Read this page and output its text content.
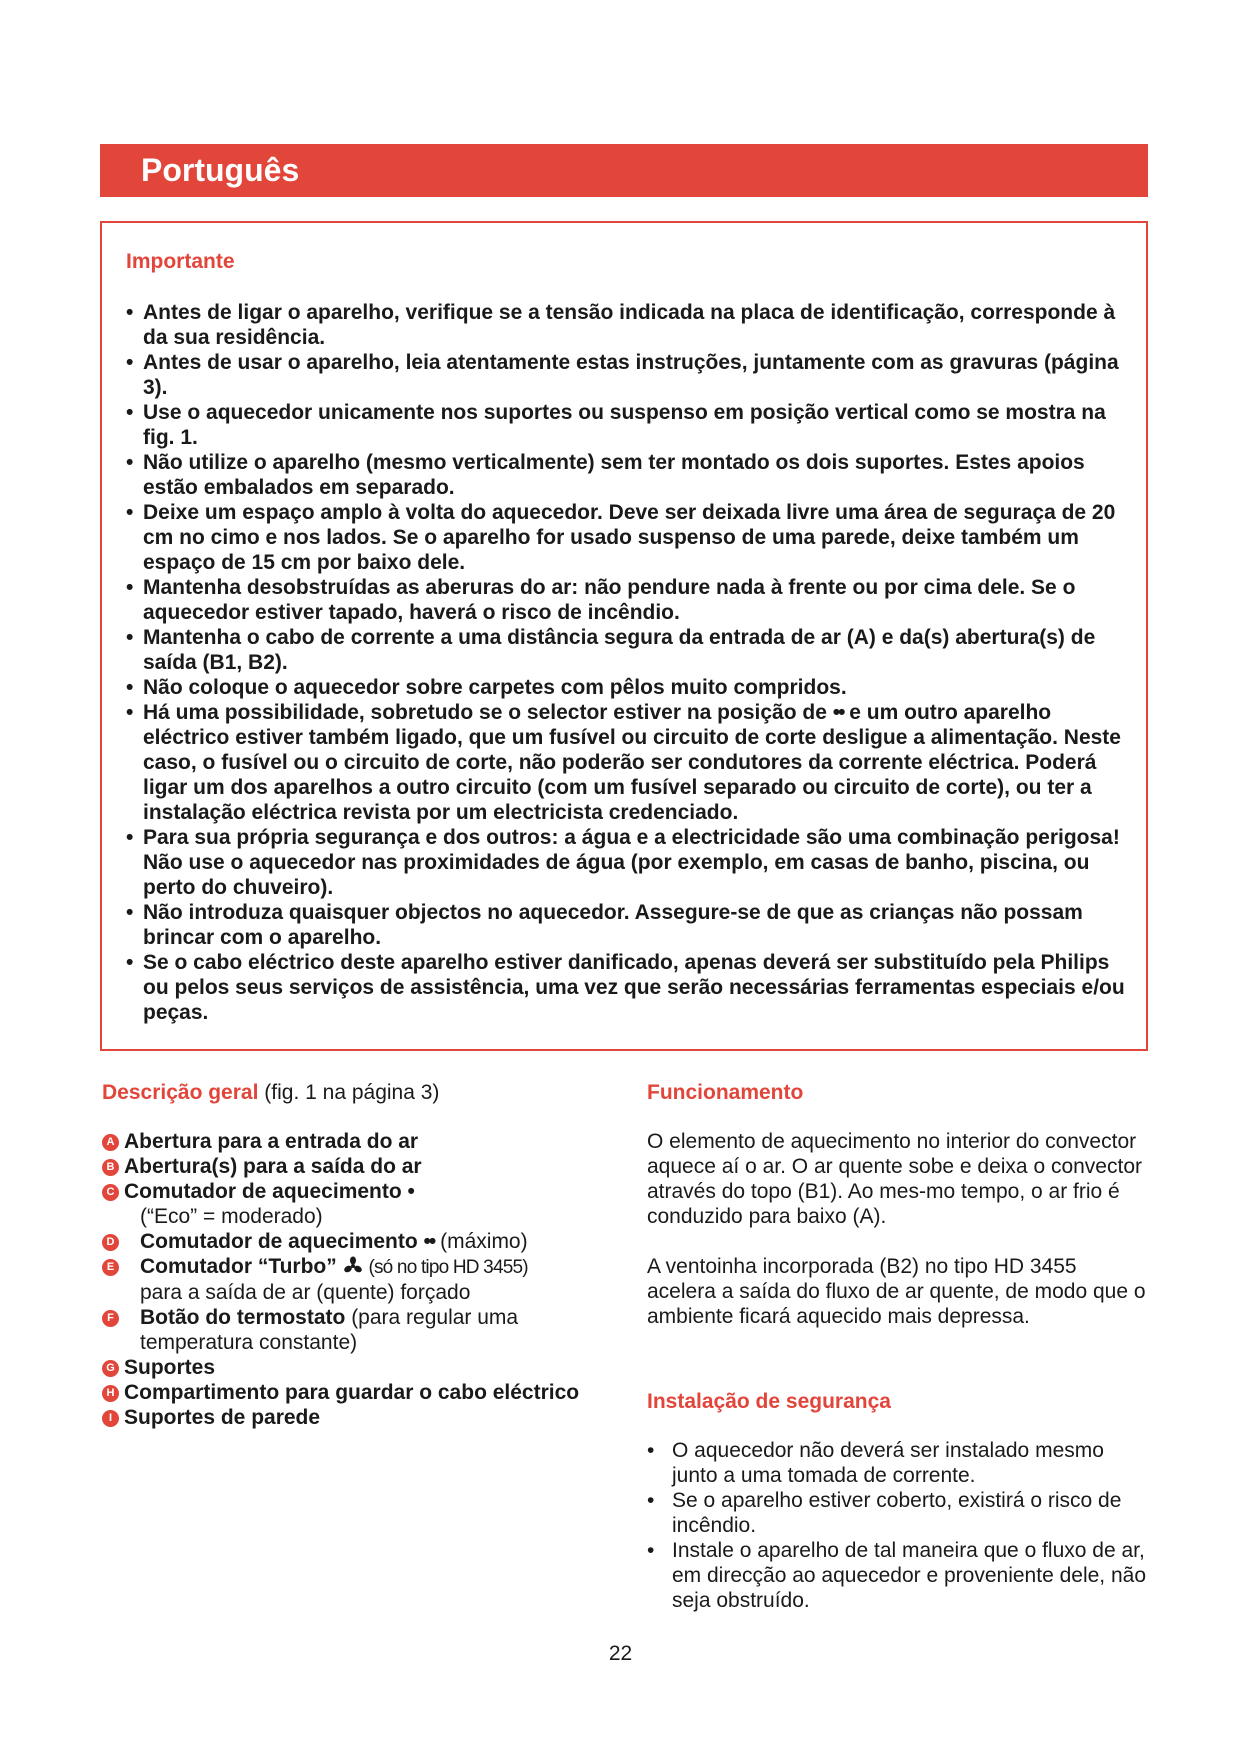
Português
Importante
• Antes de ligar o aparelho, verifique se a tensão indicada na placa de identificação, corresponde à da sua residência.
• Antes de usar o aparelho, leia atentamente estas instruções, juntamente com as gravuras (página 3).
• Use o aquecedor unicamente nos suportes ou suspenso em posição vertical como se mostra na fig. 1.
• Não utilize o aparelho (mesmo verticalmente) sem ter montado os dois suportes. Estes apoios estão embalados em separado.
• Deixe um espaço amplo à volta do aquecedor. Deve ser deixada livre uma área de seguraça de 20 cm no cimo e nos lados. Se o aparelho for usado suspenso de uma parede, deixe também um espaço de 15 cm por baixo dele.
• Mantenha desobstruídas as aberuras do ar: não pendure nada à frente ou por cima dele. Se o aquecedor estiver tapado, haverá o risco de incêndio.
• Mantenha o cabo de corrente a uma distância segura da entrada de ar (A) e da(s) abertura(s) de saída (B1, B2).
• Não coloque o aquecedor sobre carpetes com pêlos muito compridos.
• Há uma possibilidade, sobretudo se o selector estiver na posição de •• e um outro aparelho eléctrico estiver também ligado, que um fusível ou circuito de corte desligue a alimentação. Neste caso, o fusível ou o circuito de corte, não poderão ser condutores da corrente eléctrica. Poderá ligar um dos aparelhos a outro circuito (com um fusível separado ou circuito de corte), ou ter a instalação eléctrica revista por um electricista credenciado.
• Para sua própria segurança e dos outros: a água e a electricidade são uma combinação perigosa! Não use o aquecedor nas proximidades de água (por exemplo, em casas de banho, piscina, ou perto do chuveiro).
• Não introduza quaisquer objectos no aquecedor. Assegure-se de que as crianças não possam brincar com o aparelho.
• Se o cabo eléctrico deste aparelho estiver danificado, apenas deverá ser substituído pela Philips ou pelos seus serviços de assistência, uma vez que serão necessárias ferramentas especiais e/ou peças.
Descrição geral (fig. 1 na página 3)
A Abertura para a entrada do ar
B Abertura(s) para a saída do ar
C Comutador de aquecimento •
(“Eco” = moderado)
D Comutador de aquecimento •• (máximo)
E Comutador “Turbo” (só no tipo HD 3455)
para a saída de ar (quente) forçado
F Botão do termostato (para regular uma temperatura constante)
G Suportes
H Compartimento para guardar o cabo eléctrico
I Suportes de parede
Funcionamento

O elemento de aquecimento no interior do convector aquece aí o ar. O ar quente sobe e deixa o convector através do topo (B1). Ao mes-mo tempo, o ar frio é conduzido para baixo (A).

A ventoinha incorporada (B2) no tipo HD 3455 acelera a saída do fluxo de ar quente, de modo que o ambiente ficará aquecido mais depressa.

Instalação de segurança
• O aquecedor não deverá ser instalado mesmo junto a uma tomada de corrente.
• Se o aparelho estiver coberto, existirá o risco de incêndio.
• Instale o aparelho de tal maneira que o fluxo de ar, em direcção ao aquecedor e proveniente dele, não seja obstruído.
22
